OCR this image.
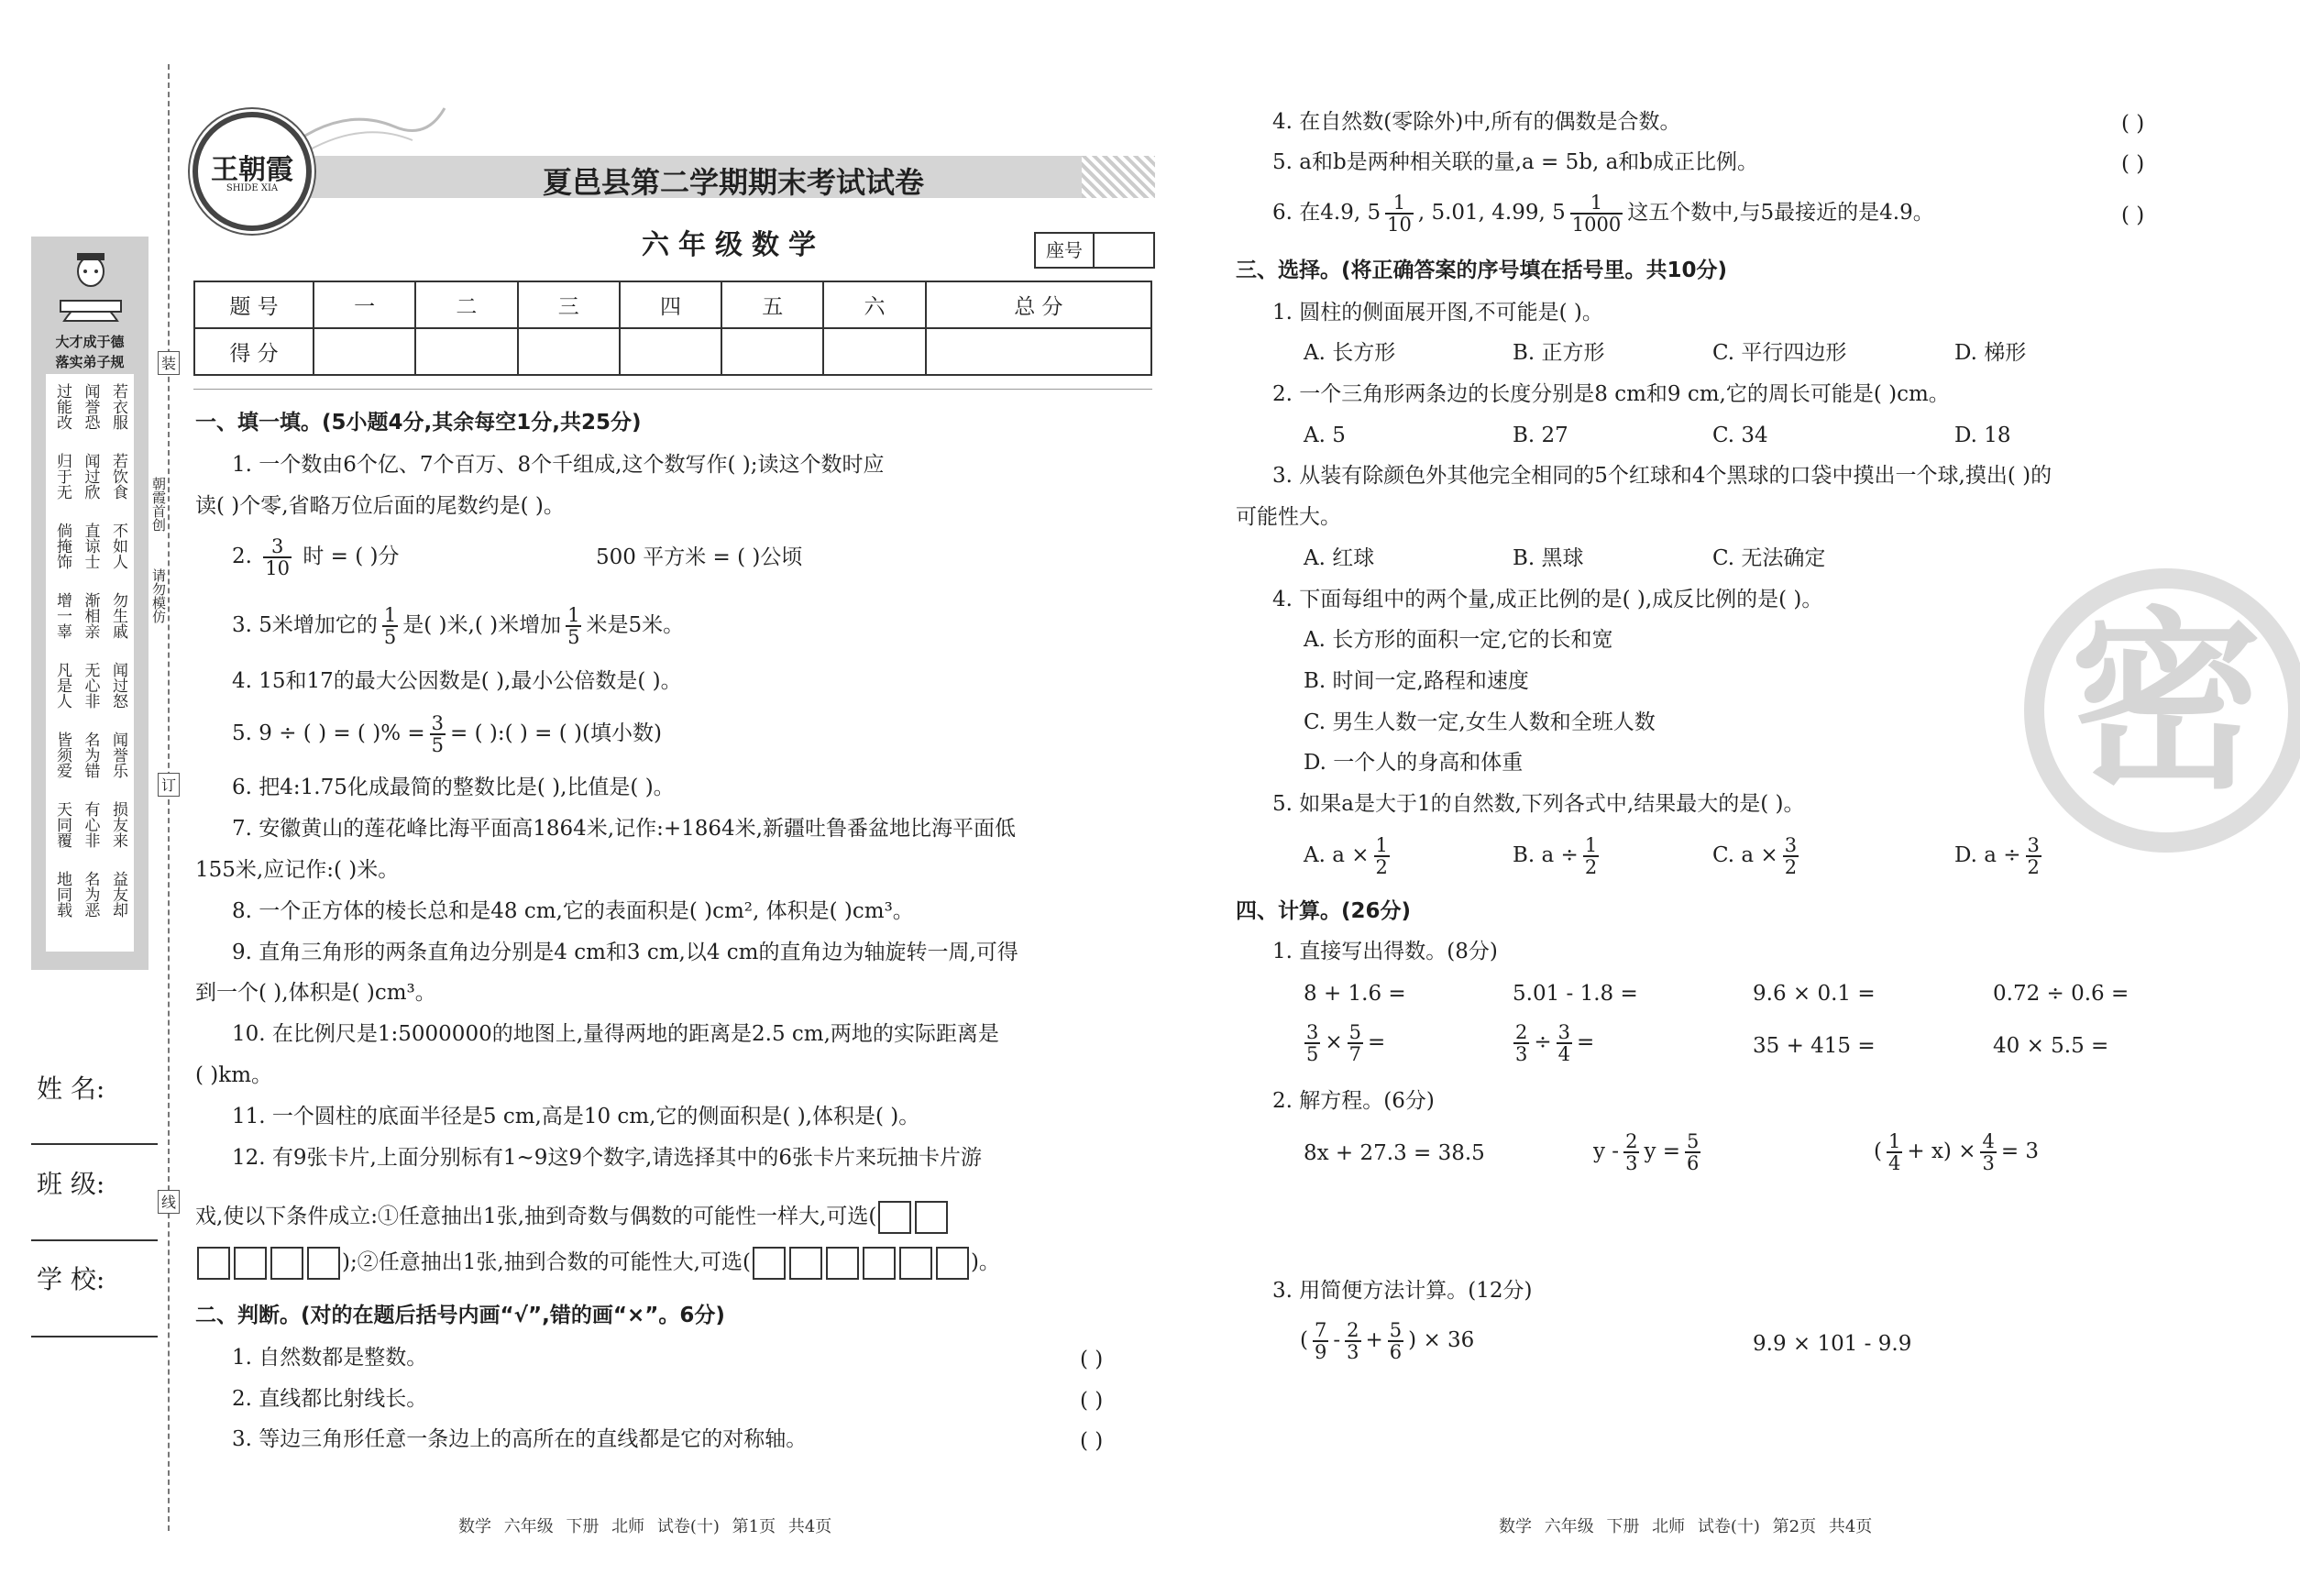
装
订
线
朝霞首创
请勿模仿
大才成于德
落实弟子规
过能改 闻誉恐 若衣服
归于无 闻过欣 若饮食
倘掩饰 直谅士 不如人
增一辜 渐相亲 勿生戚
凡是人 无心非 闻过怒
皆须爱 名为错 闻誉乐
天同覆 有心非 损友来
地同载 名为恶 益友却
姓 名:
班 级:
学 校:
王朝霞
SHIDE XIA	夏邑县第二学期期末考试试卷
六年级数学	座号
题 号	一	二	三	四	五	六	总 分
得 分							
一、填一填。(5小题4分,其余每空1分,共25分)
1. 一个数由6个亿、7个百万、8个千组成,这个数写作( );读这个数时应
读( )个零,省略万位后面的尾数约是( )。
2. $\frac{3}{10}$ 时 = ( )分	500 平方米 = ( )公顷
3. 5米增加它的 $\frac{1}{5}$ 是( )米,( )米增加 $\frac{1}{5}$ 米是5米。
4. 15和17的最大公因数是( ),最小公倍数是( )。
5. 9 ÷ ( ) = ( )% = $\frac{3}{5}$ = ( ):( ) = ( )(填小数)
6. 把4:1.75化成最简的整数比是( ),比值是( )。
7. 安徽黄山的莲花峰比海平面高1864米,记作:+1864米,新疆吐鲁番盆地比海平面低
155米,应记作:( )米。
8. 一个正方体的棱长总和是48 cm,它的表面积是( )cm², 体积是( )cm³。
9. 直角三角形的两条直角边分别是4 cm和3 cm,以4 cm的直角边为轴旋转一周,可得
到一个( ),体积是( )cm³。
10. 在比例尺是1:5000000的地图上,量得两地的距离是2.5 cm,两地的实际距离是
( )km。
11. 一个圆柱的底面半径是5 cm,高是10 cm,它的侧面积是( ),体积是( )。
12. 有9张卡片,上面分别标有1~9这9个数字,请选择其中的6张卡片来玩抽卡片游
戏,使以下条件成立:①任意抽出1张,抽到奇数与偶数的可能性一样大,可选(
);②任意抽出1张,抽到合数的可能性大,可选(	)。
二、判断。(对的在题后括号内画“√”,错的画“×”。6分)
1. 自然数都是整数。	( )
2. 直线都比射线长。	( )
3. 等边三角形任意一条边上的高所在的直线都是它的对称轴。	( )
数学 六年级 下册 北师 试卷(十) 第1页 共4页
4. 在自然数(零除外)中,所有的偶数是合数。	( )
5. a和b是两种相关联的量,a = 5b, a和b成正比例。	( )
6. 在4.9, $5 \frac{1}{10}$ , 5.01, 4.99, $5 \frac{1}{1000}$ 这五个数中,与5最接近的是4.9。	( )
三、选择。(将正确答案的序号填在括号里。共10分)
1. 圆柱的侧面展开图,不可能是( )。
A. 长方形	B. 正方形	C. 平行四边形	D. 梯形
2. 一个三角形两条边的长度分别是8 cm和9 cm,它的周长可能是( )cm。
A. 5	B. 27	C. 34	D. 18
3. 从装有除颜色外其他完全相同的5个红球和4个黑球的口袋中摸出一个球,摸出( )的
可能性大。
A. 红球	B. 黑球	C. 无法确定
4. 下面每组中的两个量,成正比例的是( ),成反比例的是( )。
A. 长方形的面积一定,它的长和宽
B. 时间一定,路程和速度
C. 男生人数一定,女生人数和全班人数
D. 一个人的身高和体重
5. 如果a是大于1的自然数,下列各式中,结果最大的是( )。
A. $a \times \frac{1}{2}$	B. $a \div \frac{1}{2}$	C. $a \times \frac{3}{2}$	D. $a \div \frac{3}{2}$
四、计算。(26分)
1. 直接写出得数。(8分)
8 + 1.6 =	5.01 - 1.8 =	9.6 × 0.1 =	0.72 ÷ 0.6 =
$\frac{3}{5} \times \frac{5}{7}$ =	$\frac{2}{3} \div \frac{3}{4}$ =	35 + 415 =	40 × 5.5 =
2. 解方程。(6分)
8x + 27.3 = 38.5	y - $\frac{2}{3}$ $y = \frac{5}{6}$	( $\frac{1}{4} + x) \times \frac{4}{3} = 3$
3. 用简便方法计算。(12分)
( $\frac{7}{9} - \frac{2}{3} + \frac{5}{6}$ ) × 36	9.9 × 101 - 9.9
密
数学 六年级 下册 北师 试卷(十) 第2页 共4页
